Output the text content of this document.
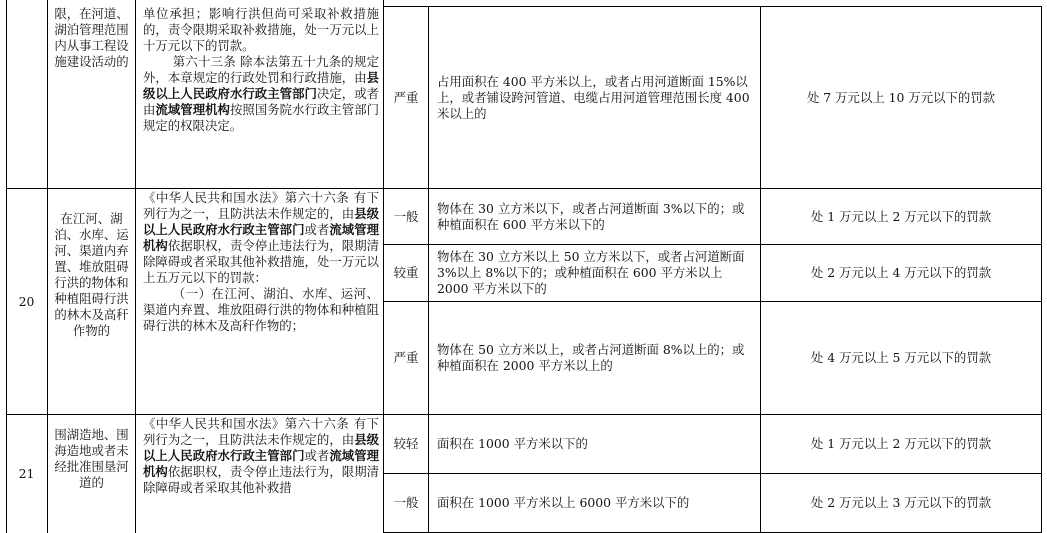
限，在河道、湖泊管理范围内从事工程设施建设活动的
单位承担；影响行洪但尚可采取补救措施的，责令限期采取补救措施，处一万元以上十万元以下的罚款。
第六十三条 除本法第五十九条的规定外，本章规定的行政处罚和行政措施，由县级以上人民政府水行政主管部门决定，或者由流域管理机构按照国务院水行政主管部门规定的权限决定。
严重
占用面积在 400 平方米以上，或者占用河道断面 15%以上，或者铺设跨河管道、电缆占用河道管理范围长度 400 米以上的
处 7 万元以上 10 万元以下的罚款
20
在江河、湖泊、水库、运河、渠道内弃置、堆放阻碍行洪的物体和种植阻碍行洪的林木及高秆作物的
《中华人民共和国水法》第六十六条 有下列行为之一，且防洪法未作规定的，由县级以上人民政府水行政主管部门或者流域管理机构依据职权，责令停止违法行为，限期清除障碍或者采取其他补救措施，处一万元以上五万元以下的罚款：
（一）在江河、湖泊、水库、运河、渠道内弃置、堆放阻碍行洪的物体和种植阻碍行洪的林木及高秆作物的；
一般
物体在 30 立方米以下，或者占河道断面 3%以下的；或种植面积在 600 平方米以下的
处 1 万元以上 2 万元以下的罚款
较重
物体在 30 立方米以上 50 立方米以下，或者占河道断面 3%以上 8%以下的；或种植面积在 600 平方米以上 2000 平方米以下的
处 2 万元以上 4 万元以下的罚款
严重
物体在 50 立方米以上，或者占河道断面 8%以上的；或种植面积在 2000 平方米以上的
处 4 万元以上 5 万元以下的罚款
21
围湖造地、围海造地或者未经批准围垦河道的
《中华人民共和国水法》第六十六条 有下列行为之一，且防洪法未作规定的，由县级以上人民政府水行政主管部门或者流域管理机构依据职权，责令停止违法行为，限期清除障碍或者采取其他补救措
较轻 面积在 1000 平方米以下的	处 1 万元以上 2 万元以下的罚款
一般 面积在 1000 平方米以上 6000 平方米以下的	处 2 万元以上 3 万元以下的罚款
